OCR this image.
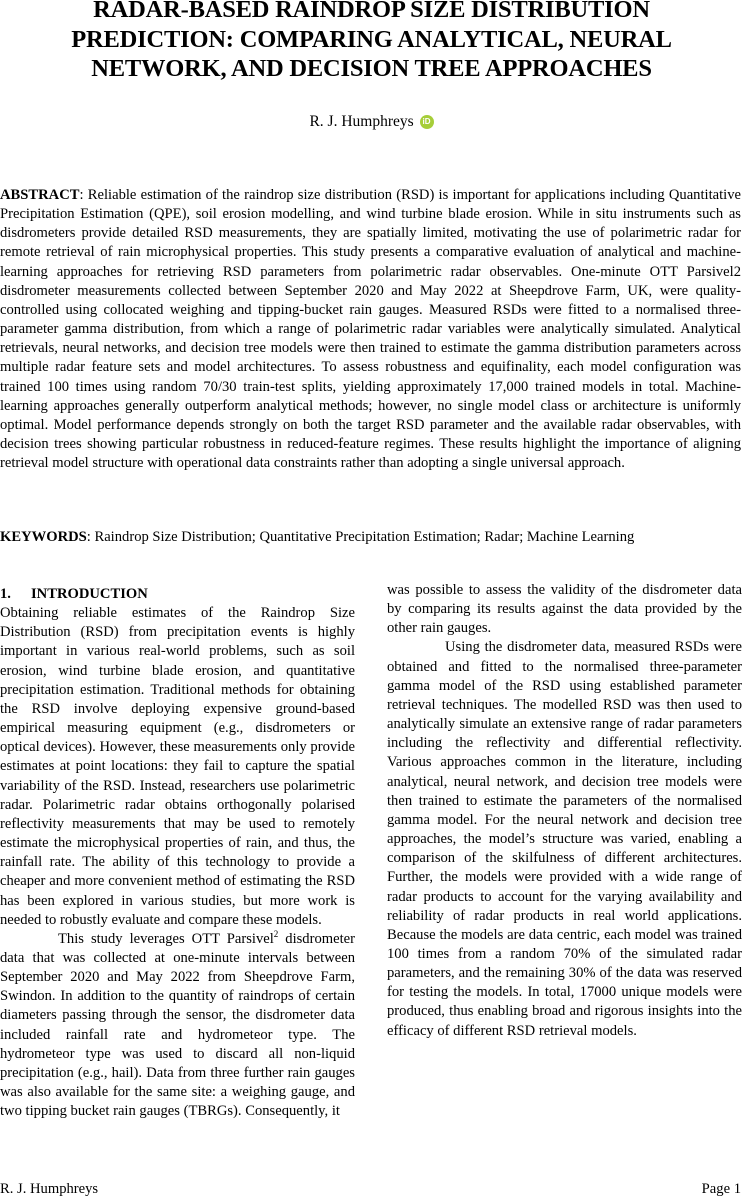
RADAR-BASED RAINDROP SIZE DISTRIBUTION PREDICTION: COMPARING ANALYTICAL, NEURAL NETWORK, AND DECISION TREE APPROACHES
R. J. Humphreys iD

ABSTRACT: Reliable estimation of the raindrop size distribution (RSD) is important for applications including Quantitative Precipitation Estimation (QPE), soil erosion modelling, and wind turbine blade erosion. While in situ instruments such as disdrometers provide detailed RSD measurements, they are spatially limited, motivating the use of polarimetric radar for remote retrieval of rain microphysical properties. This study presents a comparative evaluation of analytical and machine-learning approaches for retrieving RSD parameters from polarimetric radar observables. One-minute OTT Parsivel2 disdrometer measurements collected between September 2020 and May 2022 at Sheepdrove Farm, UK, were quality-controlled using collocated weighing and tipping-bucket rain gauges. Measured RSDs were fitted to a normalised three-parameter gamma distribution, from which a range of polarimetric radar variables were analytically simulated. Analytical retrievals, neural networks, and decision tree models were then trained to estimate the gamma distribution parameters across multiple radar feature sets and model architectures. To assess robustness and equifinality, each model configuration was trained 100 times using random 70/30 train-test splits, yielding approximately 17,000 trained models in total. Machine-learning approaches generally outperform analytical methods; however, no single model class or architecture is uniformly optimal. Model performance depends strongly on both the target RSD parameter and the available radar observables, with decision trees showing particular robustness in reduced-feature regimes. These results highlight the importance of aligning retrieval model structure with operational data constraints rather than adopting a single universal approach.

KEYWORDS: Raindrop Size Distribution; Quantitative Precipitation Estimation; Radar; Machine Learning

1. INTRODUCTION

Obtaining reliable estimates of the Raindrop Size Distribution (RSD) from precipitation events is highly important in various real-world problems, such as soil erosion, wind turbine blade erosion, and quantitative precipitation estimation. Traditional methods for obtaining the RSD involve deploying expensive ground-based empirical measuring equipment (e.g., disdrometers or optical devices). However, these measurements only provide estimates at point locations: they fail to capture the spatial variability of the RSD. Instead, researchers use polarimetric radar. Polarimetric radar obtains orthogonally polarised reflectivity measurements that may be used to remotely estimate the microphysical properties of rain, and thus, the rainfall rate. The ability of this technology to provide a cheaper and more convenient method of estimating the RSD has been explored in various studies, but more work is needed to robustly evaluate and compare these models.

This study leverages OTT Parsivel$^2$ disdrometer data that was collected at one-minute intervals between September 2020 and May 2022 from Sheepdrove Farm, Swindon. In addition to the quantity of raindrops of certain diameters passing through the sensor, the disdrometer data included rainfall rate and hydrometeor type. The hydrometeor type was used to discard all non-liquid precipitation (e.g., hail). Data from three further rain gauges was also available for the same site: a weighing gauge, and two tipping bucket rain gauges (TBRGs). Consequently, it

was possible to assess the validity of the disdrometer data by comparing its results against the data provided by the other rain gauges.

Using the disdrometer data, measured RSDs were obtained and fitted to the normalised three-parameter gamma model of the RSD using established parameter retrieval techniques. The modelled RSD was then used to analytically simulate an extensive range of radar parameters including the reflectivity and differential reflectivity. Various approaches common in the literature, including analytical, neural network, and decision tree models were then trained to estimate the parameters of the normalised gamma model. For the neural network and decision tree approaches, the model’s structure was varied, enabling a comparison of the skilfulness of different architectures. Further, the models were provided with a wide range of radar products to account for the varying availability and reliability of radar products in real world applications. Because the models are data centric, each model was trained 100 times from a random 70% of the simulated radar parameters, and the remaining 30% of the data was reserved for testing the models. In total, 17000 unique models were produced, thus enabling broad and rigorous insights into the efficacy of different RSD retrieval models.

R. J. Humphreys	Page 1
